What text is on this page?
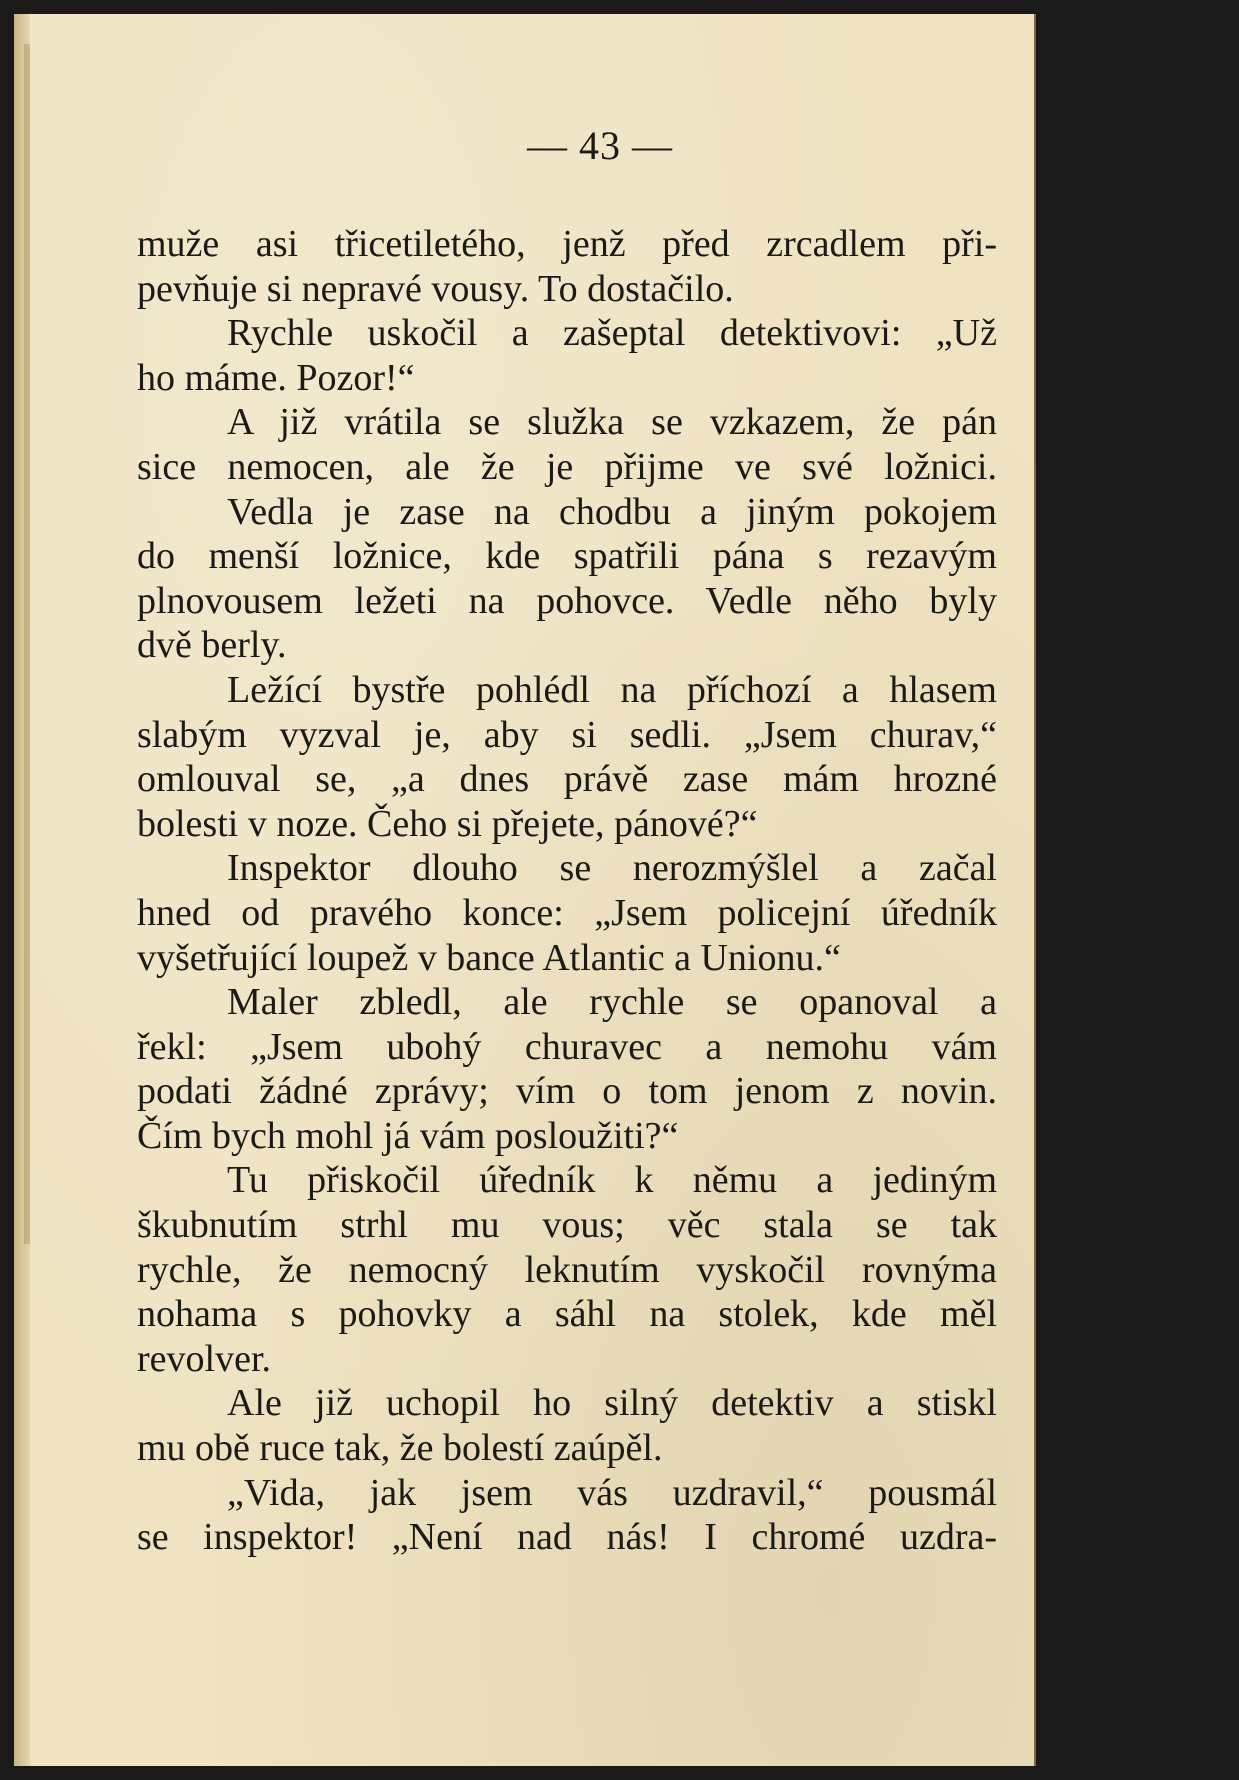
— 43 —
muže asi třicetiletého, jenž před zrcadlem při-
pevňuje si nepravé vousy. To dostačilo.
Rychle uskočil a zašeptal detektivovi: „Už
ho máme. Pozor!“
A již vrátila se služka se vzkazem, že pán
sice nemocen, ale že je přijme ve své ložnici.
Vedla je zase na chodbu a jiným pokojem
do menší ložnice, kde spatřili pána s rezavým
plnovousem ležeti na pohovce. Vedle něho byly
dvě berly.
Ležící bystře pohlédl na příchozí a hlasem
slabým vyzval je, aby si sedli. „Jsem churav,“
omlouval se, „a dnes právě zase mám hrozné
bolesti v noze. Čeho si přejete, pánové?“
Inspektor dlouho se nerozmýšlel a začal
hned od pravého konce: „Jsem policejní úředník
vyšetřující loupež v bance Atlantic a Unionu.“
Maler zbledl, ale rychle se opanoval a
řekl: „Jsem ubohý churavec a nemohu vám
podati žádné zprávy; vím o tom jenom z novin.
Čím bych mohl já vám posloužiti?“
Tu přiskočil úředník k němu a jediným
škubnutím strhl mu vous; věc stala se tak
rychle, že nemocný leknutím vyskočil rovnýma
nohama s pohovky a sáhl na stolek, kde měl
revolver.
Ale již uchopil ho silný detektiv a stiskl
mu obě ruce tak, že bolestí zaúpěl.
„Vida, jak jsem vás uzdravil,“ pousmál
se inspektor! „Není nad nás! I chromé uzdra-
